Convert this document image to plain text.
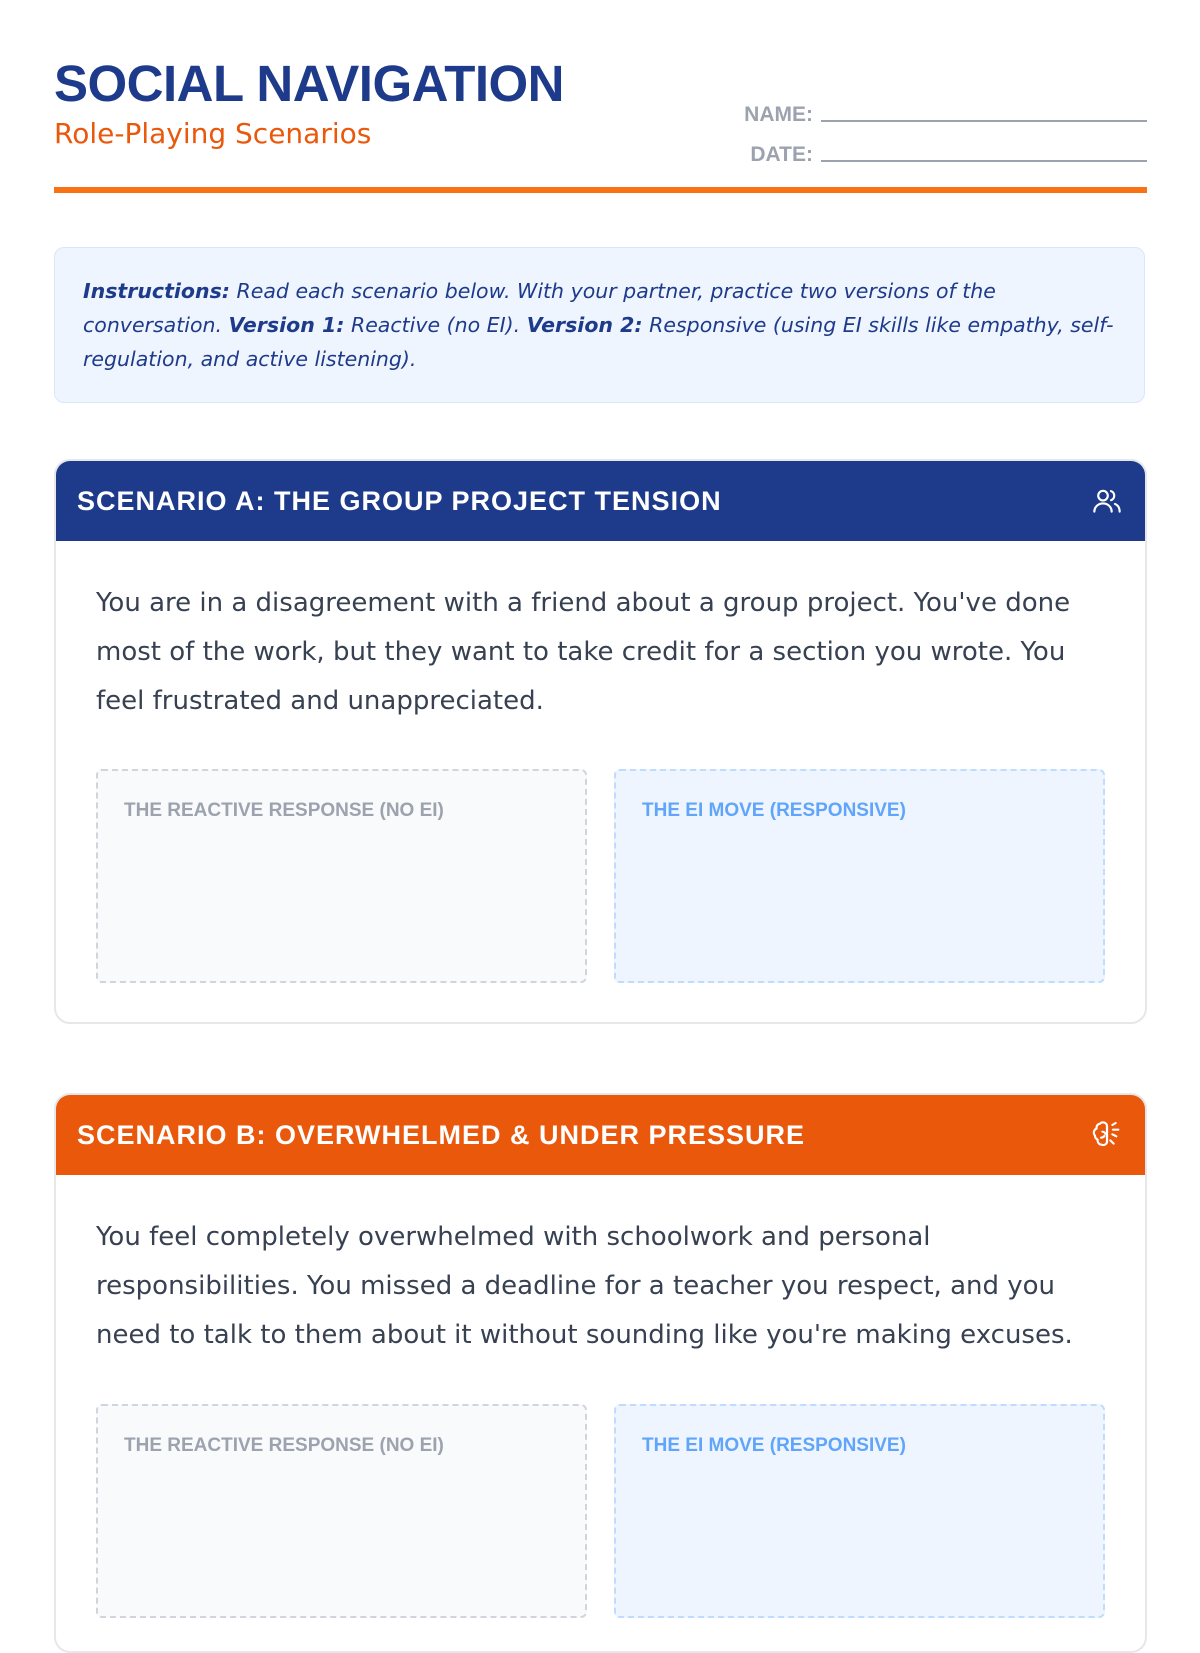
SOCIAL NAVIGATION
Role-Playing Scenarios
NAME:
DATE:

Instructions: Read each scenario below. With your partner, practice two versions of the conversation. Version 1: Reactive (no EI). Version 2: Responsive (using EI skills like empathy, self-regulation, and active listening).

SCENARIO A: THE GROUP PROJECT TENSION

You are in a disagreement with a friend about a group project. You've done most of the work, but they want to take credit for a section you wrote. You feel frustrated and unappreciated.

THE REACTIVE RESPONSE (NO EI)	THE EI MOVE (RESPONSIVE)
SCENARIO B: OVERWHELMED & UNDER PRESSURE

You feel completely overwhelmed with schoolwork and personal responsibilities. You missed a deadline for a teacher you respect, and you need to talk to them about it without sounding like you're making excuses.

THE REACTIVE RESPONSE (NO EI)	THE EI MOVE (RESPONSIVE)
